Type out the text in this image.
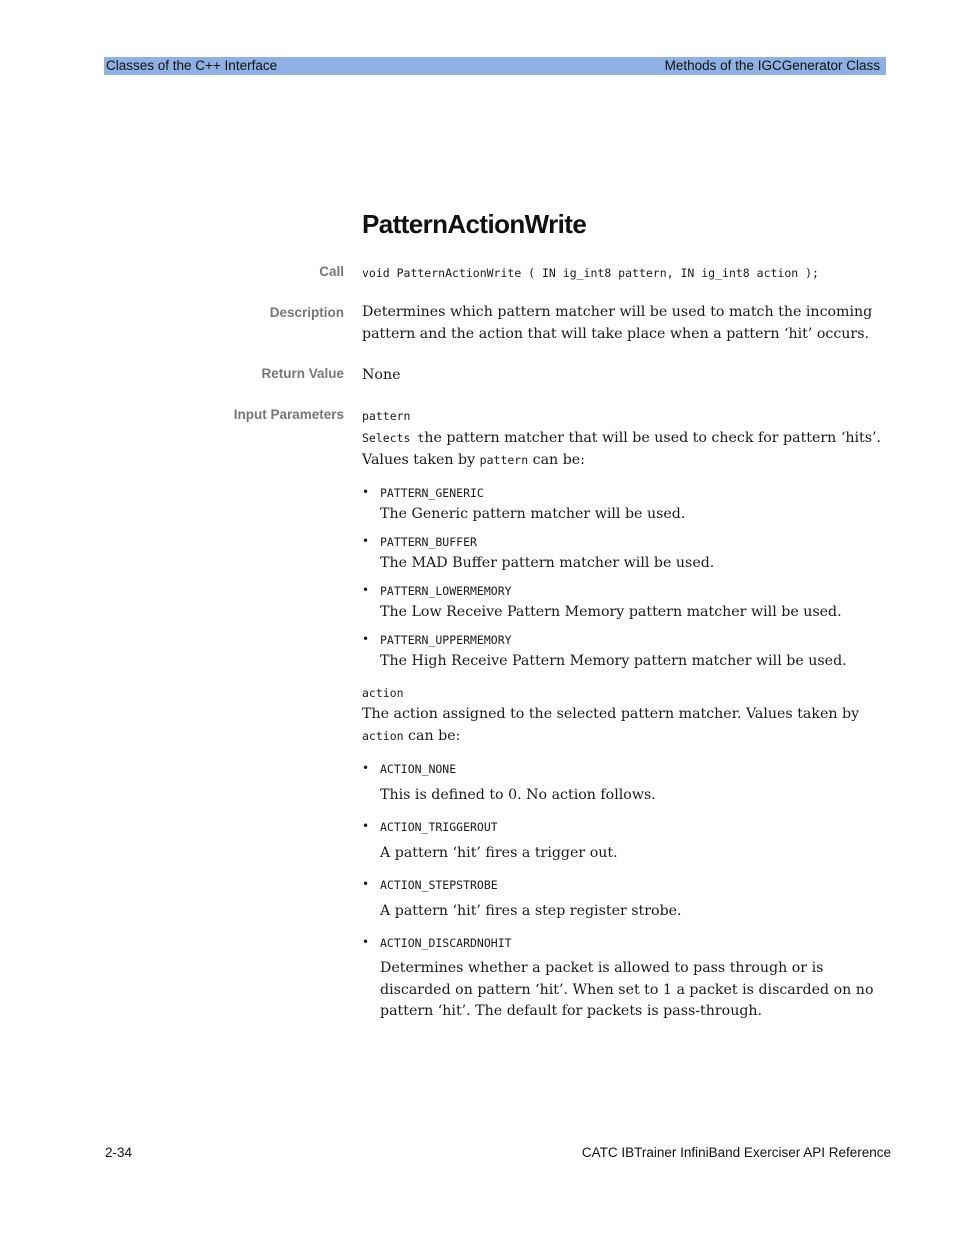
Classes of the C++ Interface	Methods of the IGCGenerator Class
PatternActionWrite
Call void PatternActionWrite ( IN ig_int8 pattern, IN ig_int8 action );
Description Determines which pattern matcher will be used to match the incoming
pattern and the action that will take place when a pattern ‘hit’ occurs.
Return Value None
Input Parameters pattern
Selects the pattern matcher that will be used to check for pattern ‘hits’.
Values taken by pattern can be:
• PATTERN_GENERIC
The Generic pattern matcher will be used.
• PATTERN_BUFFER
The MAD Buffer pattern matcher will be used.
• PATTERN_LOWERMEMORY
The Low Receive Pattern Memory pattern matcher will be used.
• PATTERN_UPPERMEMORY
The High Receive Pattern Memory pattern matcher will be used.
action
The action assigned to the selected pattern matcher. Values taken by
action can be:
• ACTION_NONE
This is defined to 0. No action follows.
• ACTION_TRIGGEROUT
A pattern ‘hit’ fires a trigger out.
• ACTION_STEPSTROBE
A pattern ‘hit’ fires a step register strobe.
• ACTION_DISCARDNOHIT
Determines whether a packet is allowed to pass through or is
discarded on pattern ‘hit’. When set to 1 a packet is discarded on no
pattern ‘hit’. The default for packets is pass-through.
2-34	CATC IBTrainer InfiniBand Exerciser API Reference
